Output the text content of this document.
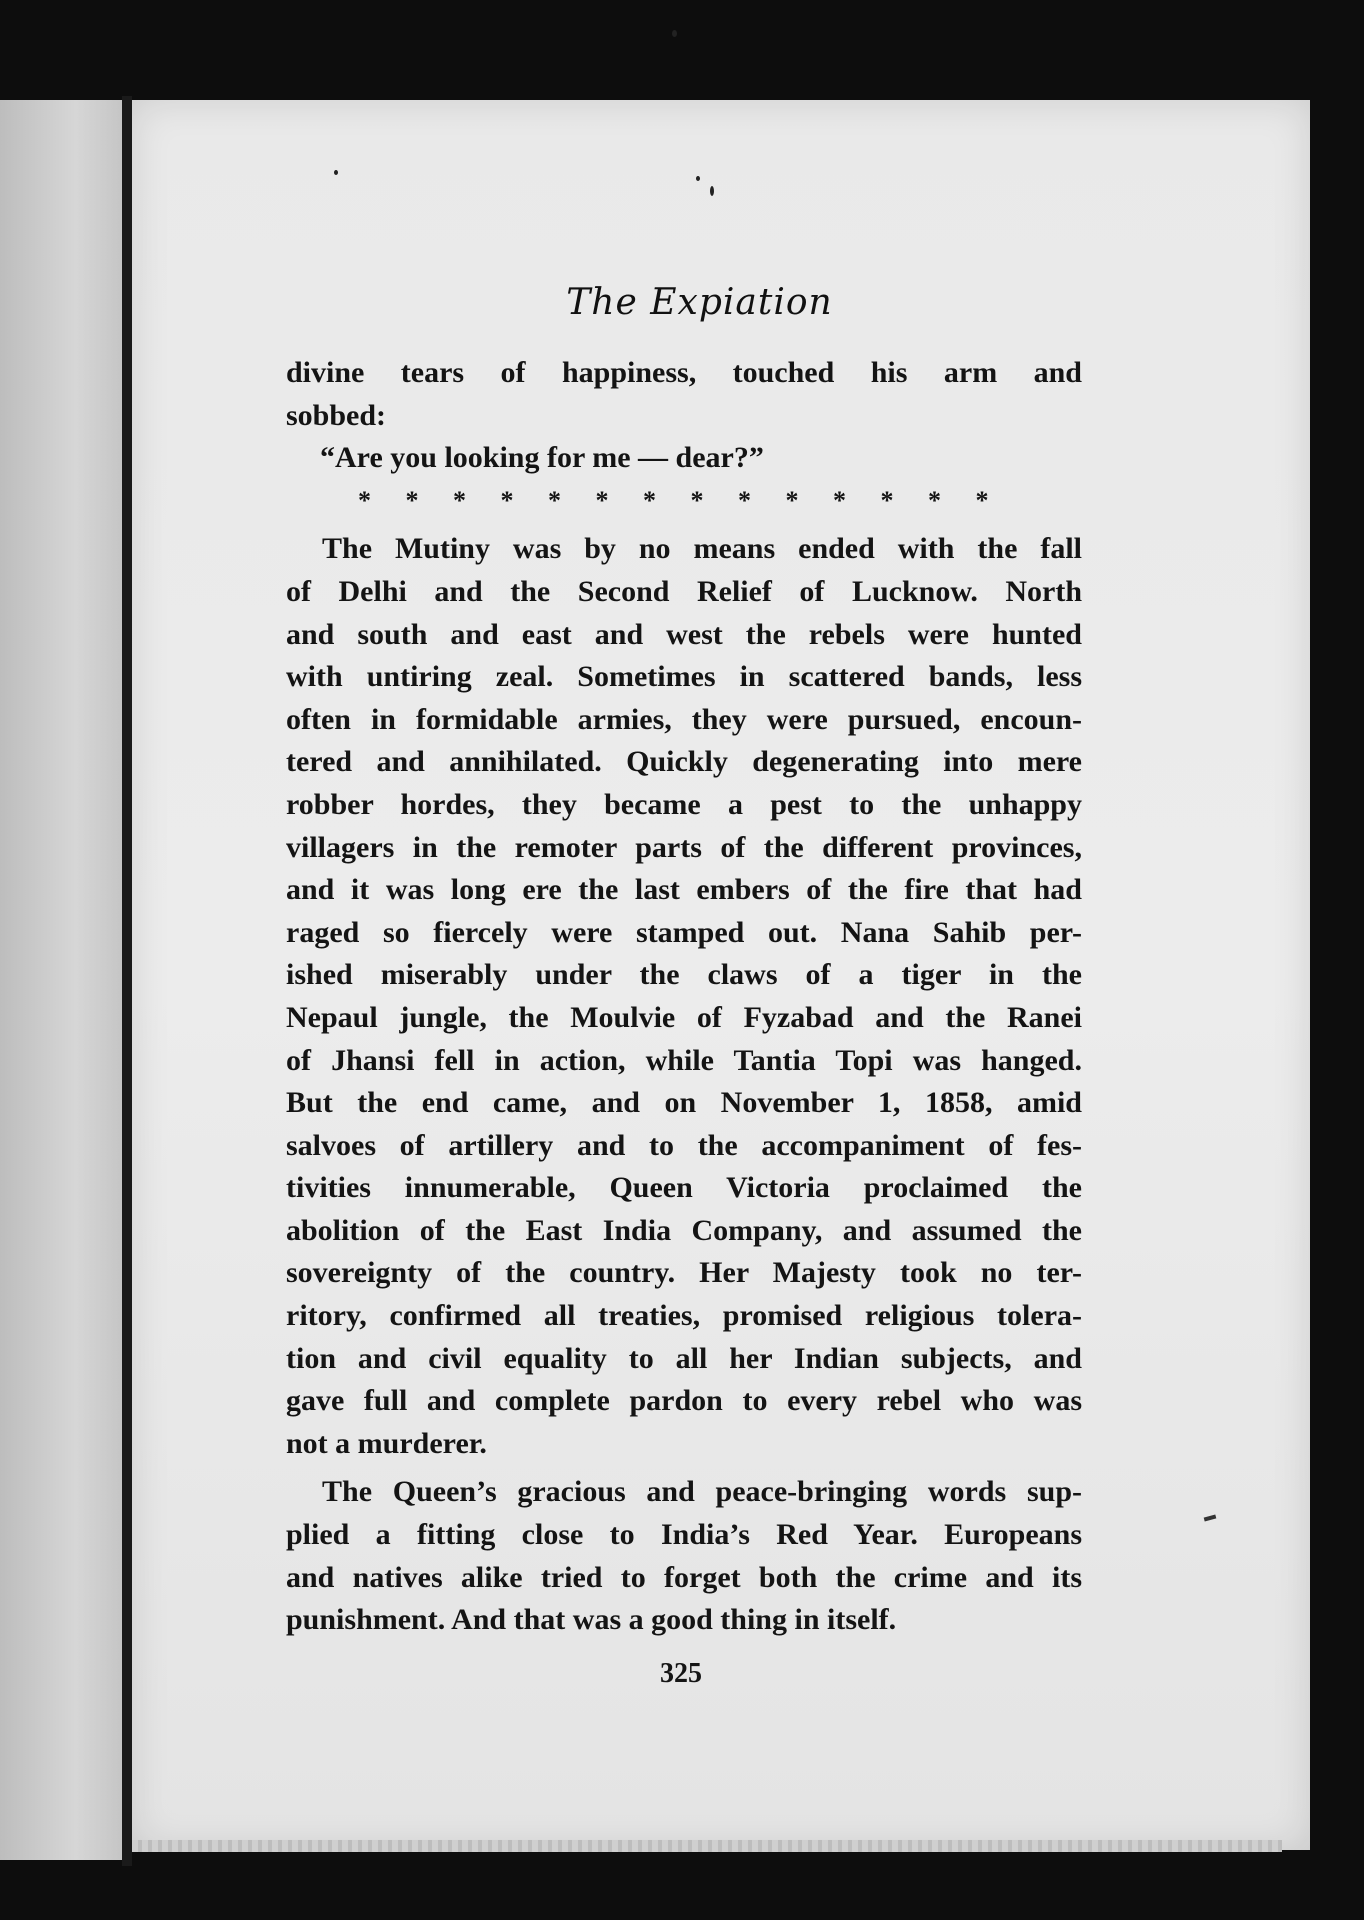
The Expiation
divine tears of happiness, touched his arm and
sobbed:
“Are you looking for me — dear?”
* * * * * * * * * * * * * *
The Mutiny was by no means ended with the fall
of Delhi and the Second Relief of Lucknow. North
and south and east and west the rebels were hunted
with untiring zeal. Sometimes in scattered bands, less
often in formidable armies, they were pursued, encoun-
tered and annihilated. Quickly degenerating into mere
robber hordes, they became a pest to the unhappy
villagers in the remoter parts of the different provinces,
and it was long ere the last embers of the fire that had
raged so fiercely were stamped out. Nana Sahib per-
ished miserably under the claws of a tiger in the
Nepaul jungle, the Moulvie of Fyzabad and the Ranei
of Jhansi fell in action, while Tantia Topi was hanged.
But the end came, and on November 1, 1858, amid
salvoes of artillery and to the accompaniment of fes-
tivities innumerable, Queen Victoria proclaimed the
abolition of the East India Company, and assumed the
sovereignty of the country. Her Majesty took no ter-
ritory, confirmed all treaties, promised religious tolera-
tion and civil equality to all her Indian subjects, and
gave full and complete pardon to every rebel who was
not a murderer.
The Queen’s gracious and peace-bringing words sup-
plied a fitting close to India’s Red Year. Europeans
and natives alike tried to forget both the crime and its
punishment. And that was a good thing in itself.
325
